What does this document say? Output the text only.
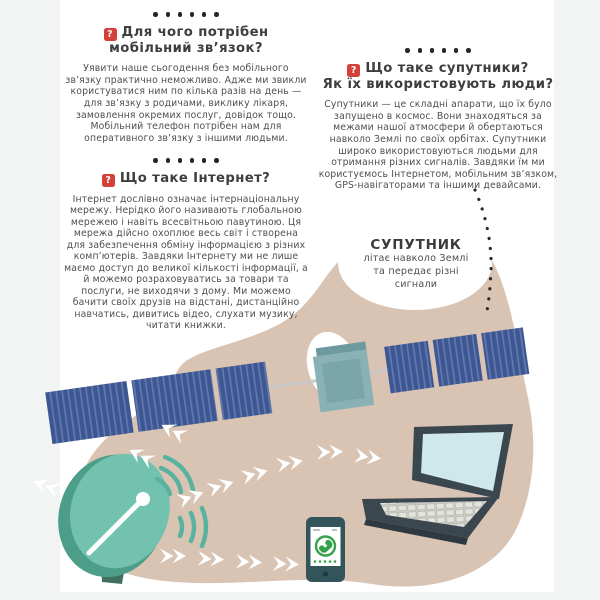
? Для чого потрібен
мобільний зв’язок?
Уявити наше сьогодення без мобільного зв’язку практично неможливо. Адже ми звикли користуватися ним по кілька разів на день — для зв’язку з родичами, виклику лікаря, замовлення окремих послуг, довідок тощо. Мобільний телефон потрібен нам для оперативного зв’язку з іншими людьми.
? Що таке Інтернет?
Інтернет дослівно означає інтернаціональну мережу. Нерідко його називають глобальною мережею і навіть всесвітньою павутиною. Ця мережа дійсно охоплює весь світ і створена для забезпечення обміну інформацією з різних комп’ютерів. Завдяки Інтернету ми не лише маємо доступ до великої кількості інформації, а й можемо розраховуватись за товари та послуги, не виходячи з дому. Ми можемо бачити своїх друзів на відстані, дистанційно навчатись, дивитись відео, слухати музику, читати книжки.
? Що таке супутники?
Як їх використовують люди?
Супутники — це складні апарати, що їх було запущено в космос. Вони знаходяться за межами нашої атмосфери й обертаються навколо Землі по своїх орбітах. Супутники широко використовуються людьми для отримання різних сигналів. Завдяки їм ми користуємось Інтернетом, мобільним зв’язком, GPS-навігаторами та іншими девайсами.
СУПУТНИК
літає навколо Землі
та передає різні
сигнали
